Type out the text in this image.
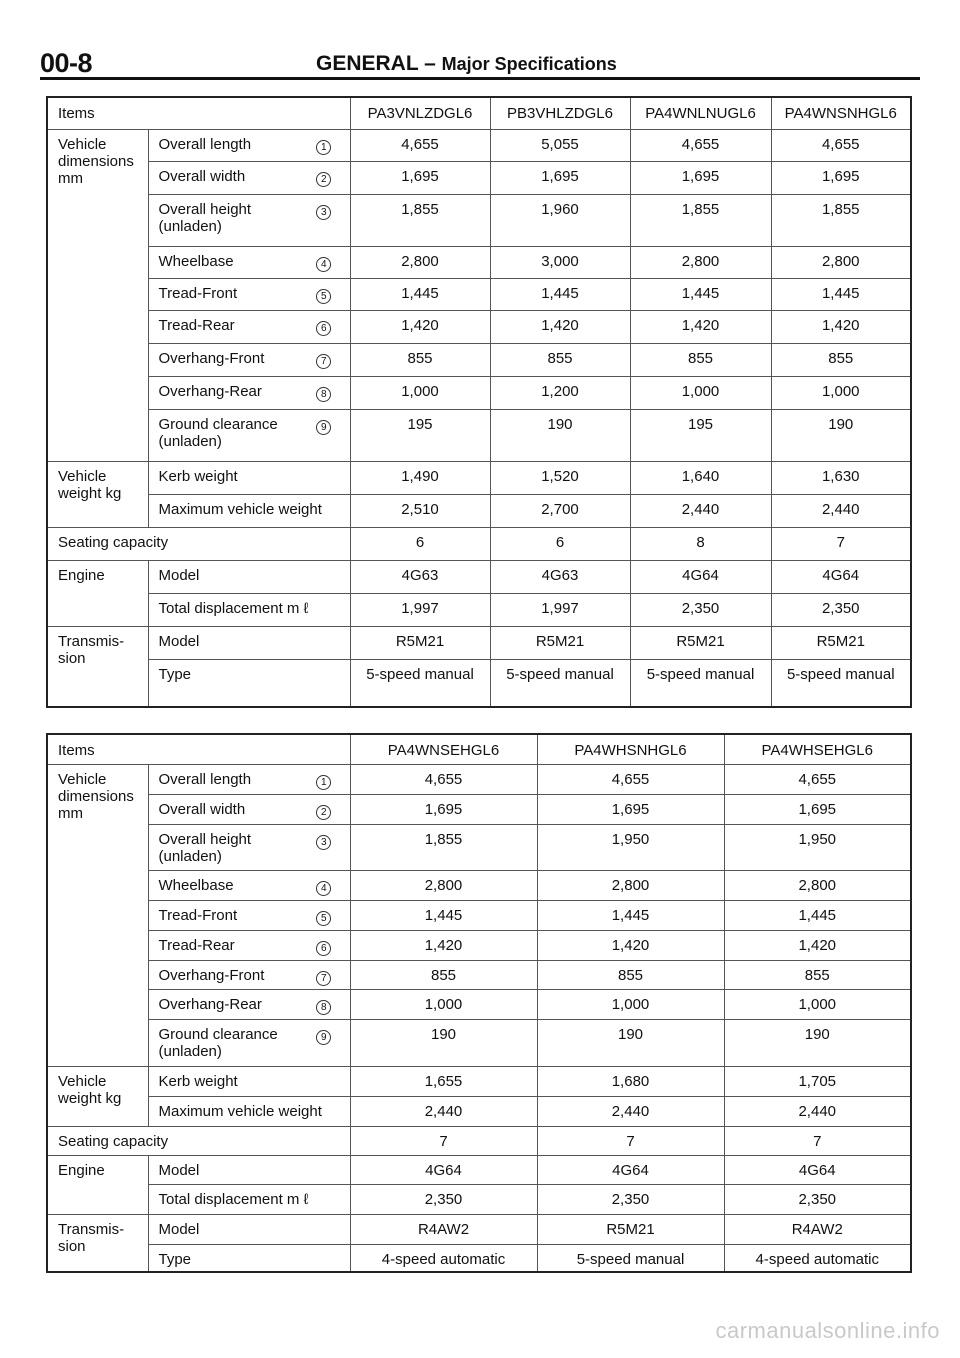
00-8	GENERAL – Major Specifications
Items			PA3VNLZDGL6	PB3VHLZDGL6	PA4WNLNUGL6	PA4WNSNHGL6
Vehicle
dimensions
mm	Overall length	1	4,655	5,055	4,655	4,655
	Overall width	2	1,695	1,695	1,695	1,695
	Overall height
(unladen)	3	1,855	1,960	1,855	1,855
	Wheelbase	4	2,800	3,000	2,800	2,800
	Tread-Front	5	1,445	1,445	1,445	1,445
	Tread-Rear	6	1,420	1,420	1,420	1,420
	Overhang-Front	7	855	855	855	855
	Overhang-Rear	8	1,000	1,200	1,000	1,000
	Ground clearance
(unladen)	9	195	190	195	190
Vehicle
weight kg	Kerb weight		1,490	1,520	1,640	1,630
	Maximum vehicle weight		2,510	2,700	2,440	2,440
Seating capacity			6	6	8	7
Engine	Model		4G63	4G63	4G64	4G64
	Total displacement m ℓ		1,997	1,997	2,350	2,350
Transmis-
sion	Model		R5M21	R5M21	R5M21	R5M21
	Type		5-speed manual	5-speed manual	5-speed manual	5-speed manual
Items			PA4WNSEHGL6	PA4WHSNHGL6	PA4WHSEHGL6
Vehicle
dimensions
mm	Overall length	1	4,655	4,655	4,655
	Overall width	2	1,695	1,695	1,695
	Overall height
(unladen)	3	1,855	1,950	1,950
	Wheelbase	4	2,800	2,800	2,800
	Tread-Front	5	1,445	1,445	1,445
	Tread-Rear	6	1,420	1,420	1,420
	Overhang-Front	7	855	855	855
	Overhang-Rear	8	1,000	1,000	1,000
	Ground clearance
(unladen)	9	190	190	190
Vehicle
weight kg	Kerb weight		1,655	1,680	1,705
	Maximum vehicle weight		2,440	2,440	2,440
Seating capacity			7	7	7
Engine	Model		4G64	4G64	4G64
	Total displacement m ℓ		2,350	2,350	2,350
Transmis-
sion	Model		R4AW2	R5M21	R4AW2
	Type		4-speed automatic	5-speed manual	4-speed automatic
carmanualsonline.info
